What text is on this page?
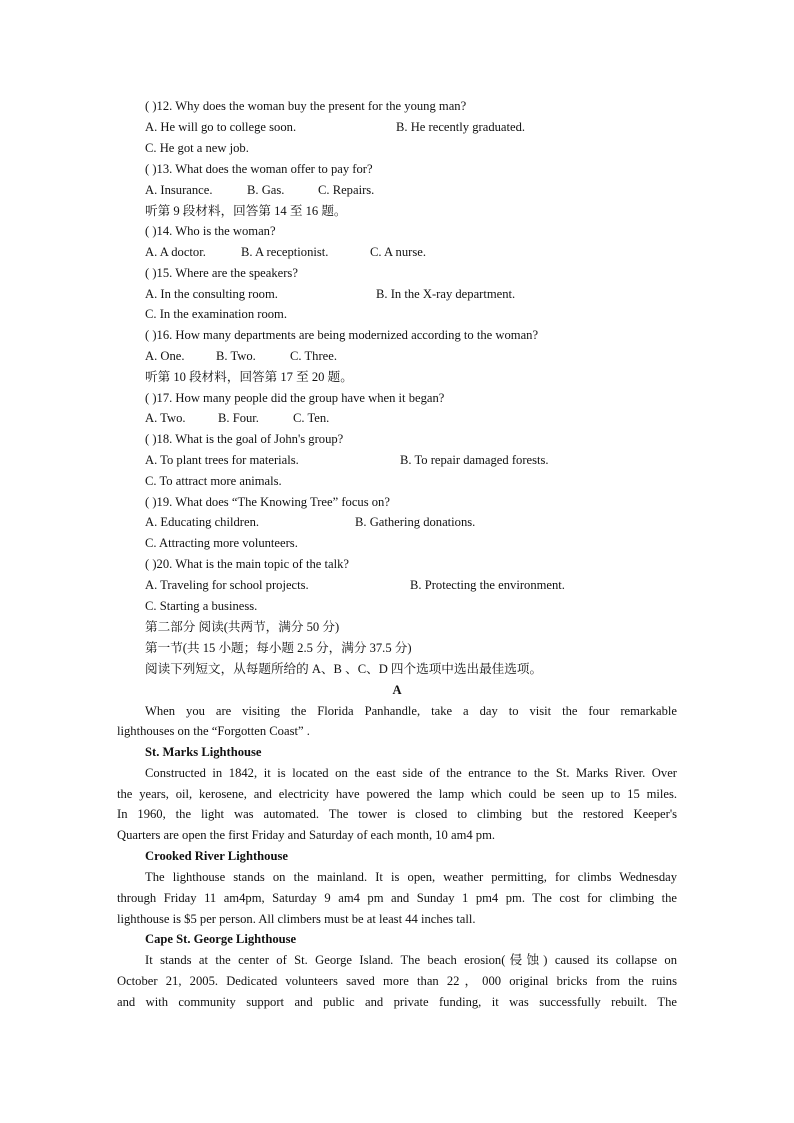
( )12. Why does the woman buy the present for the young man?
A. He will go to college soon.	B. He recently graduated.
C. He got a new job.
( )13. What does the woman offer to pay for?
A. Insurance.	B. Gas.	C. Repairs.
听第 9 段材料，回答第 14 至 16 题。
( )14. Who is the woman?
A. A doctor.	B. A receptionist.	C. A nurse.
( )15. Where are the speakers?
A. In the consulting room.	B. In the X-ray department.
C. In the examination room.
( )16. How many departments are being modernized according to the woman?
A. One. B. Two.	C. Three.
听第 10 段材料，回答第 17 至 20 题。
( )17. How many people did the group have when it began?
A. Two.	B. Four.	C. Ten.
( )18. What is the goal of John's group?
A. To plant trees for materials.	B. To repair damaged forests.
C. To attract more animals.
( )19. What does “The Knowing Tree” focus on?
A. Educating children.	B. Gathering donations.
C. Attracting more volunteers.
( )20. What is the main topic of the talk?
A. Traveling for school projects.	B. Protecting the environment.
C. Starting a business.
第二部分 阅读(共两节，满分 50 分)
第一节(共 15 小题；每小题 2.5 分，满分 37.5 分)
阅读下列短文，从每题所给的 A、B 、C、D 四个选项中选出最佳选项。
A
When you are visiting the Florida Panhandle, take a day to visit the four remarkable
lighthouses on the “Forgotten Coast” .
St. Marks Lighthouse
Constructed in 1842, it is located on the east side of the entrance to the St. Marks River. Over
the years, oil, kerosene, and electricity have powered the lamp which could be seen up to 15 miles.
In 1960, the light was automated. The tower is closed to climbing but the restored Keeper's
Quarters are open the first Friday and Saturday of each month, 10 am4 pm.
Crooked River Lighthouse
The lighthouse stands on the mainland. It is open, weather permitting, for climbs Wednesday
through Friday 11 am4pm, Saturday 9 am4 pm and Sunday 1 pm4 pm. The cost for climbing the
lighthouse is $5 per person. All climbers must be at least 44 inches tall.
Cape St. George Lighthouse
It stands at the center of St. George Island. The beach erosion(侵蚀) caused its collapse on
October 21, 2005. Dedicated volunteers saved more than 22，000 original bricks from the ruins
and with community support and public and private funding, it was successfully rebuilt. The
